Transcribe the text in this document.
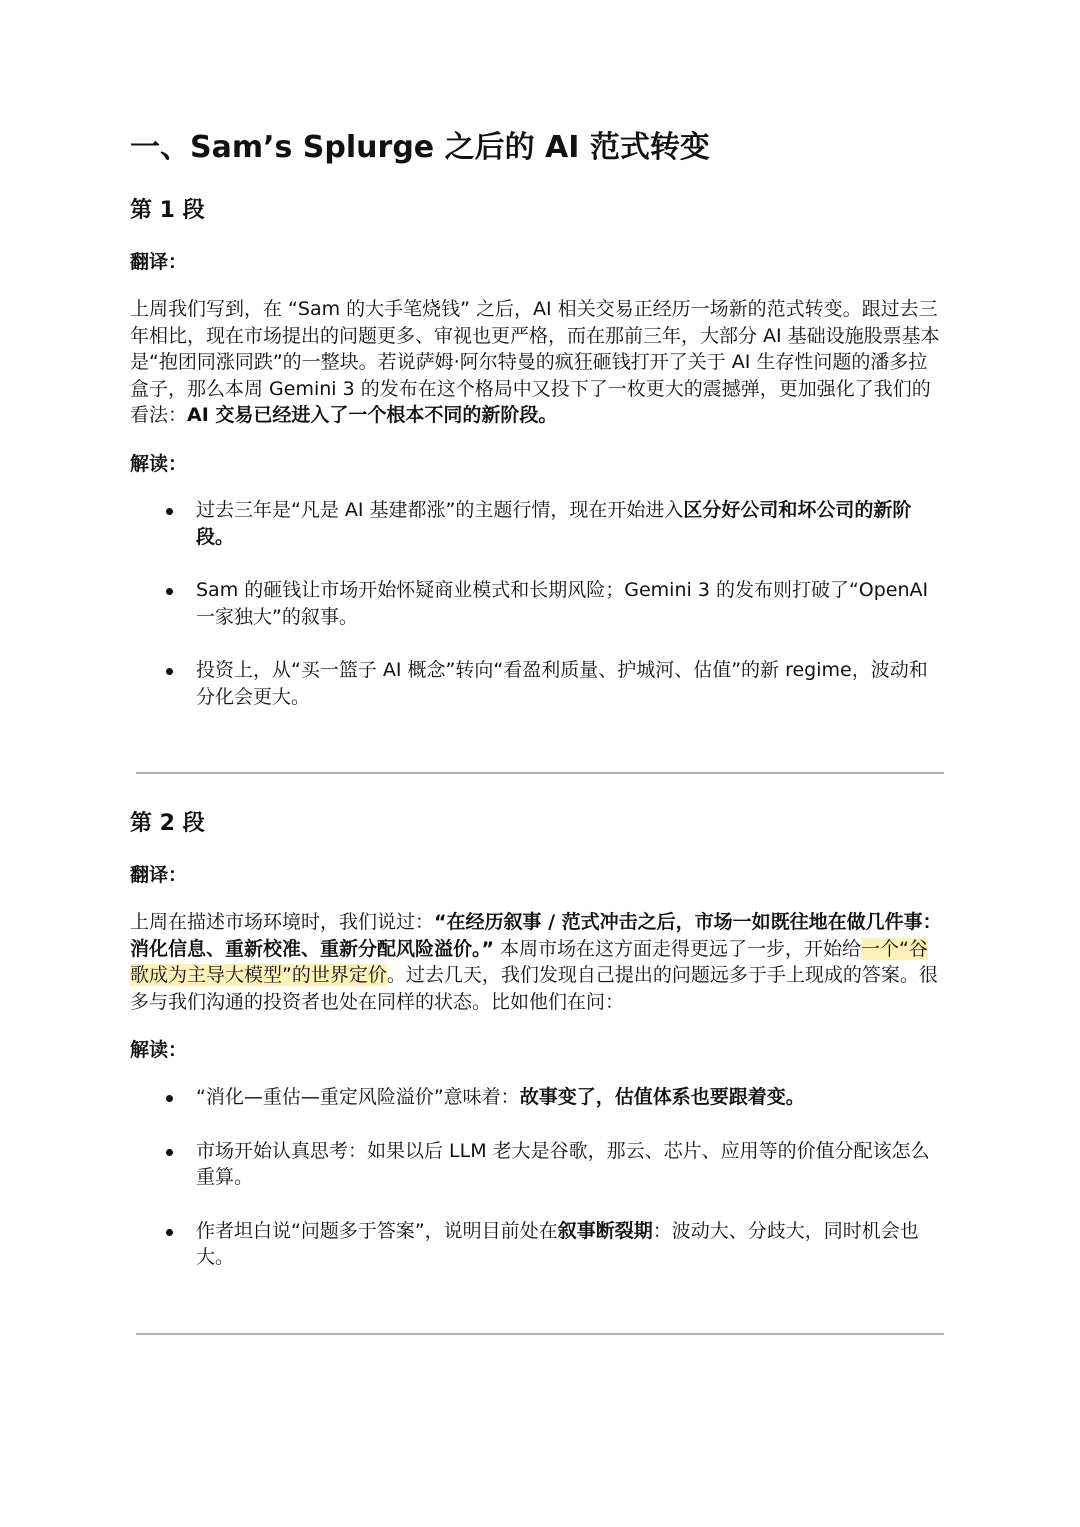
一、Sam’s Splurge 之后的 AI 范式转变
第 1 段

翻译：

上周我们写到，在 “Sam 的大手笔烧钱” 之后，AI 相关交易正经历一场新的范式转变。跟过去三年相比，现在市场提出的问题更多、审视也更严格，而在那前三年，大部分 AI 基础设施股票基本是“抱团同涨同跌”的一整块。若说萨姆·阿尔特曼的疯狂砸钱打开了关于 AI 生存性问题的潘多拉盒子，那么本周 Gemini 3 的发布在这个格局中又投下了一枚更大的震撼弹，更加强化了我们的看法：AI 交易已经进入了一个根本不同的新阶段。

解读：

过去三年是“凡是 AI 基建都涨”的主题行情，现在开始进入区分好公司和坏公司的新阶段。
Sam 的砸钱让市场开始怀疑商业模式和长期风险；Gemini 3 的发布则打破了“OpenAI 一家独大”的叙事。
投资上，从“买一篮子 AI 概念”转向“看盈利质量、护城河、估值”的新 regime，波动和分化会更大。
第 2 段

翻译：

上周在描述市场环境时，我们说过：“在经历叙事 / 范式冲击之后，市场一如既往地在做几件事：消化信息、重新校准、重新分配风险溢价。” 本周市场在这方面走得更远了一步，开始给一个“谷歌成为主导大模型”的世界定价。过去几天，我们发现自己提出的问题远多于手上现成的答案。很多与我们沟通的投资者也处在同样的状态。比如他们在问：

解读：

“消化—重估—重定风险溢价”意味着：故事变了，估值体系也要跟着变。
市场开始认真思考：如果以后 LLM 老大是谷歌，那云、芯片、应用等的价值分配该怎么重算。
作者坦白说“问题多于答案”，说明目前处在叙事断裂期：波动大、分歧大，同时机会也大。
